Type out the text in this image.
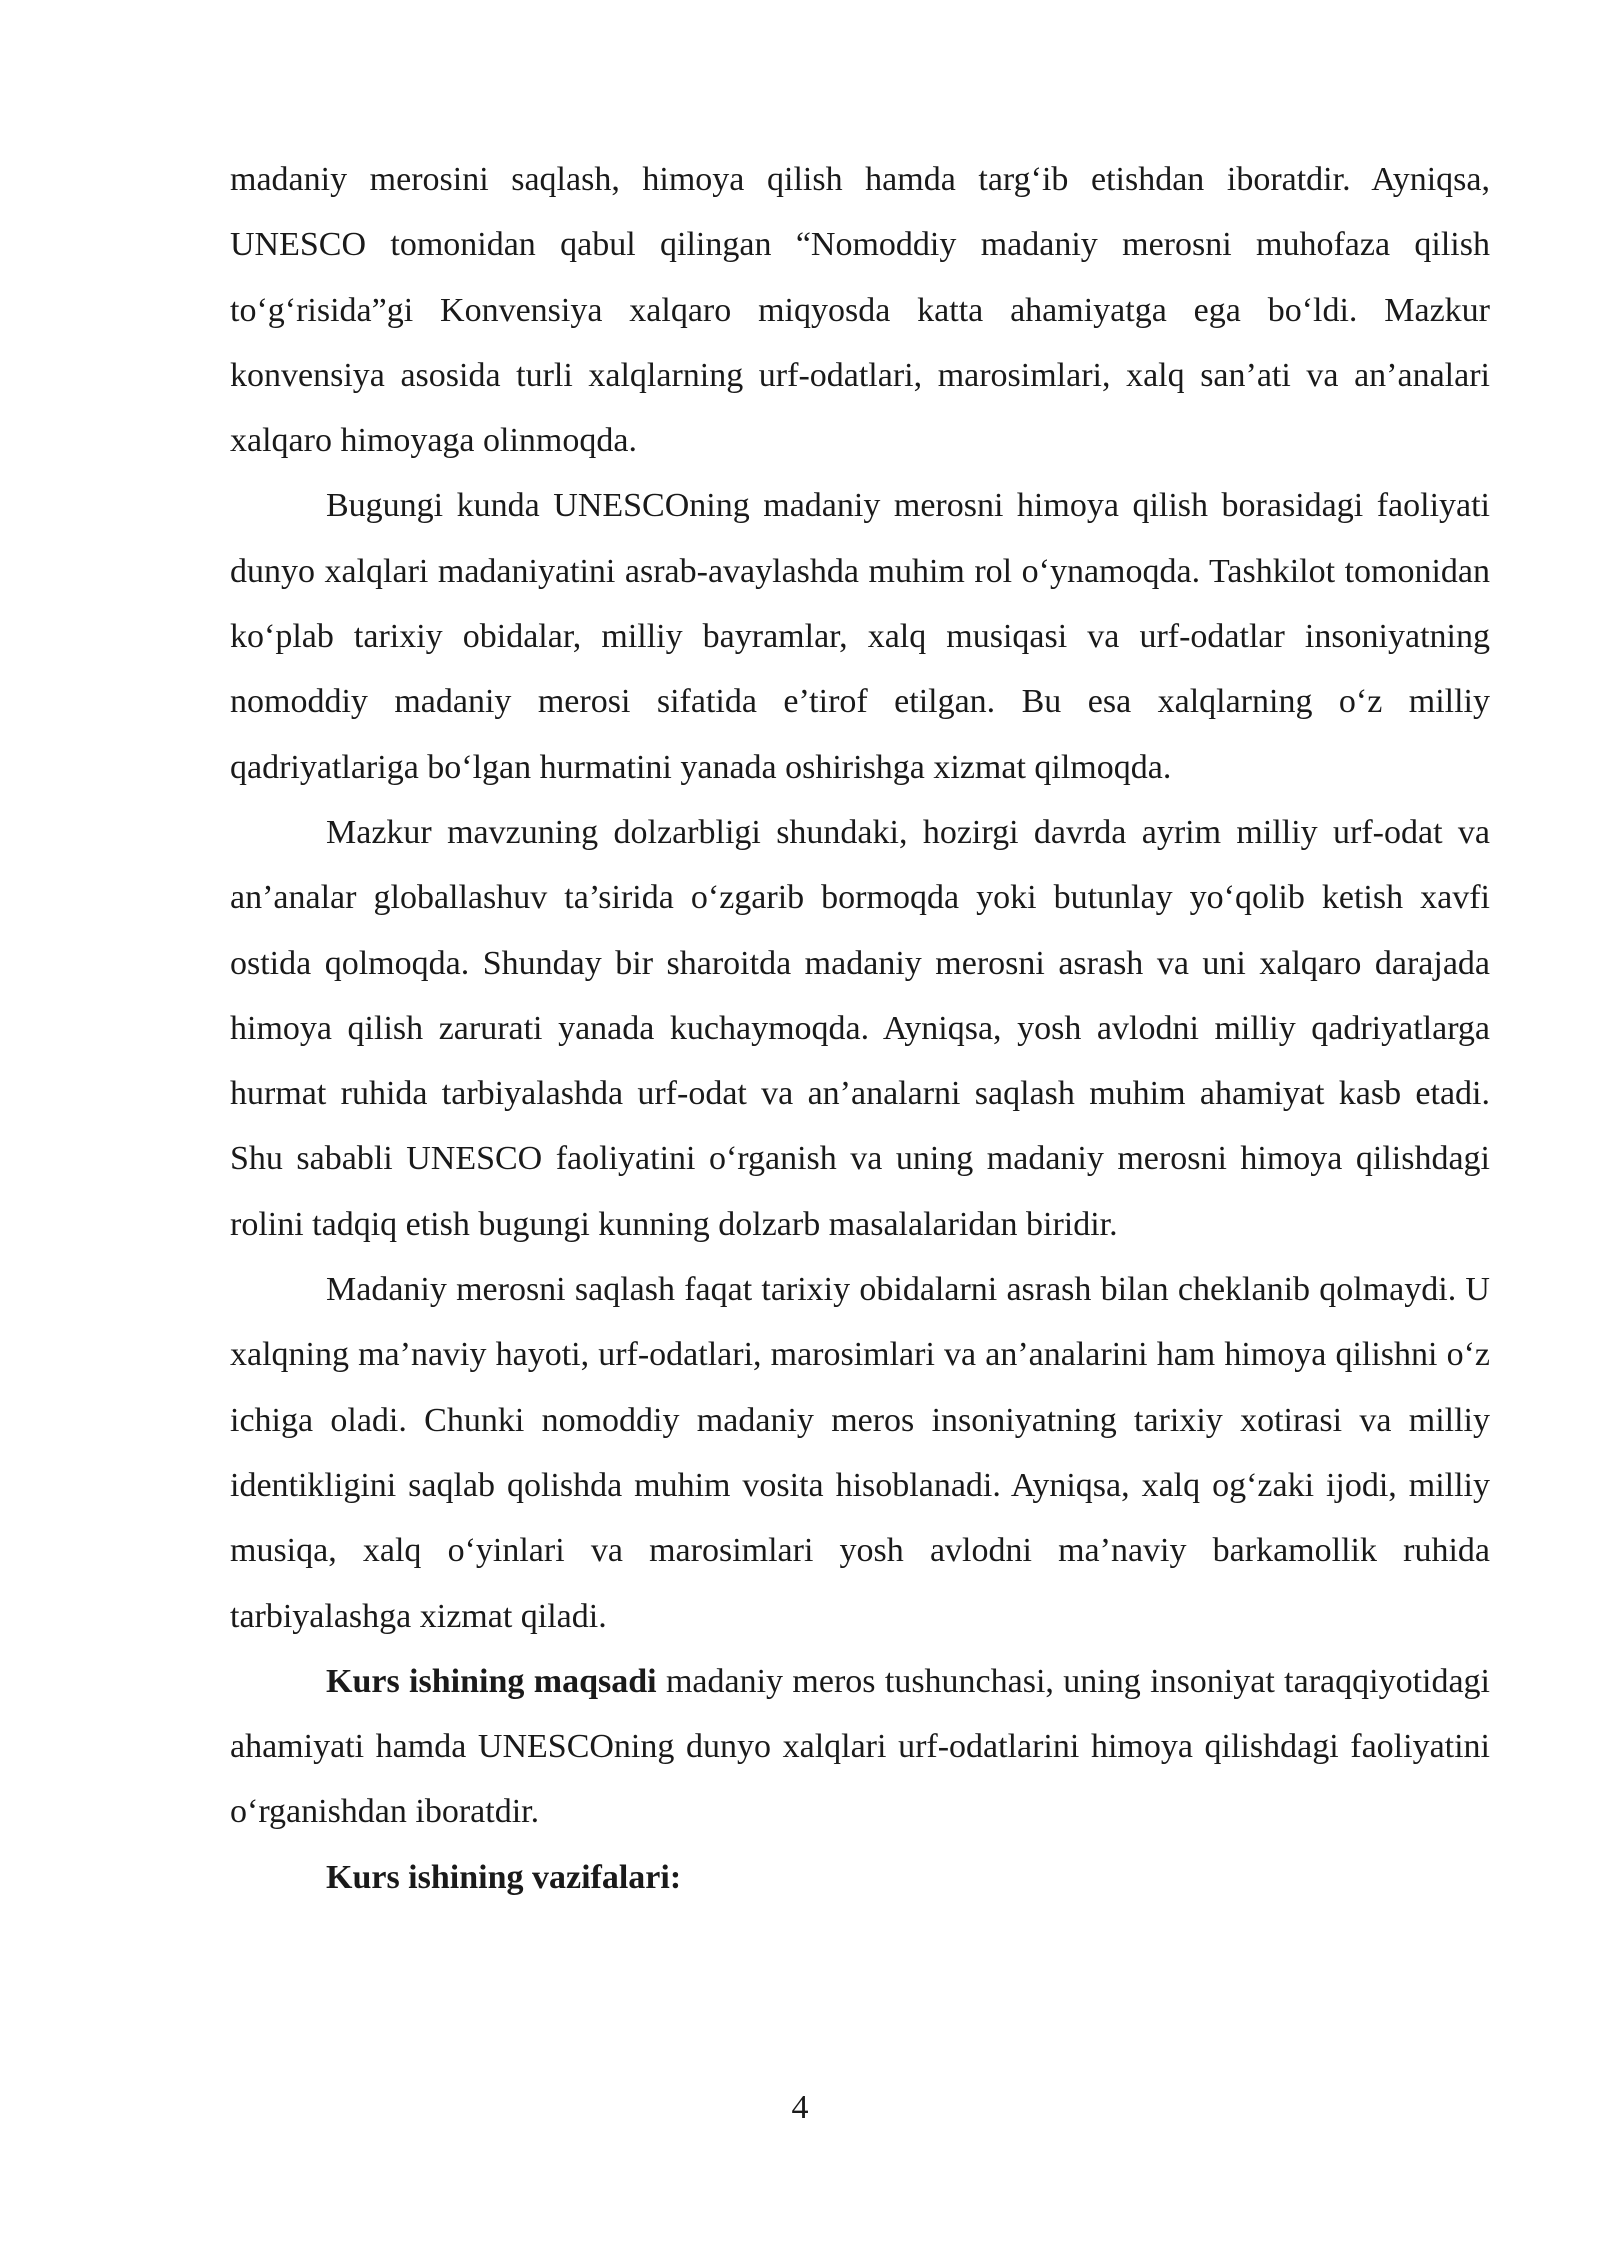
madaniy merosini saqlash, himoya qilish hamda targ‘ib etishdan iboratdir. Ayniqsa, UNESCO tomonidan qabul qilingan “Nomoddiy madaniy merosni muhofaza qilish to‘g‘risida”gi Konvensiya xalqaro miqyosda katta ahamiyatga ega bo‘ldi. Mazkur konvensiya asosida turli xalqlarning urf-odatlari, marosimlari, xalq san’ati va an’analari xalqaro himoyaga olinmoqda.

Bugungi kunda UNESCOning madaniy merosni himoya qilish borasidagi faoliyati dunyo xalqlari madaniyatini asrab-avaylashda muhim rol o‘ynamoqda. Tashkilot tomonidan ko‘plab tarixiy obidalar, milliy bayramlar, xalq musiqasi va urf-odatlar insoniyatning nomoddiy madaniy merosi sifatida e’tirof etilgan. Bu esa xalqlarning o‘z milliy qadriyatlariga bo‘lgan hurmatini yanada oshirishga xizmat qilmoqda.

Mazkur mavzuning dolzarbligi shundaki, hozirgi davrda ayrim milliy urf-odat va an’analar globallashuv ta’sirida o‘zgarib bormoqda yoki butunlay yo‘qolib ketish xavfi ostida qolmoqda. Shunday bir sharoitda madaniy merosni asrash va uni xalqaro darajada himoya qilish zarurati yanada kuchaymoqda. Ayniqsa, yosh avlodni milliy qadriyatlarga hurmat ruhida tarbiyalashda urf-odat va an’analarni saqlash muhim ahamiyat kasb etadi. Shu sababli UNESCO faoliyatini o‘rganish va uning madaniy merosni himoya qilishdagi rolini tadqiq etish bugungi kunning dolzarb masalalaridan biridir.

Madaniy merosni saqlash faqat tarixiy obidalarni asrash bilan cheklanib qolmaydi. U xalqning ma’naviy hayoti, urf-odatlari, marosimlari va an’analarini ham himoya qilishni o‘z ichiga oladi. Chunki nomoddiy madaniy meros insoniyatning tarixiy xotirasi va milliy identikligini saqlab qolishda muhim vosita hisoblanadi. Ayniqsa, xalq og‘zaki ijodi, milliy musiqa, xalq o‘yinlari va marosimlari yosh avlodni ma’naviy barkamollik ruhida tarbiyalashga xizmat qiladi.

Kurs ishining maqsadi madaniy meros tushunchasi, uning insoniyat taraqqiyotidagi ahamiyati hamda UNESCOning dunyo xalqlari urf-odatlarini himoya qilishdagi faoliyatini o‘rganishdan iboratdir.

Kurs ishining vazifalari:

4
